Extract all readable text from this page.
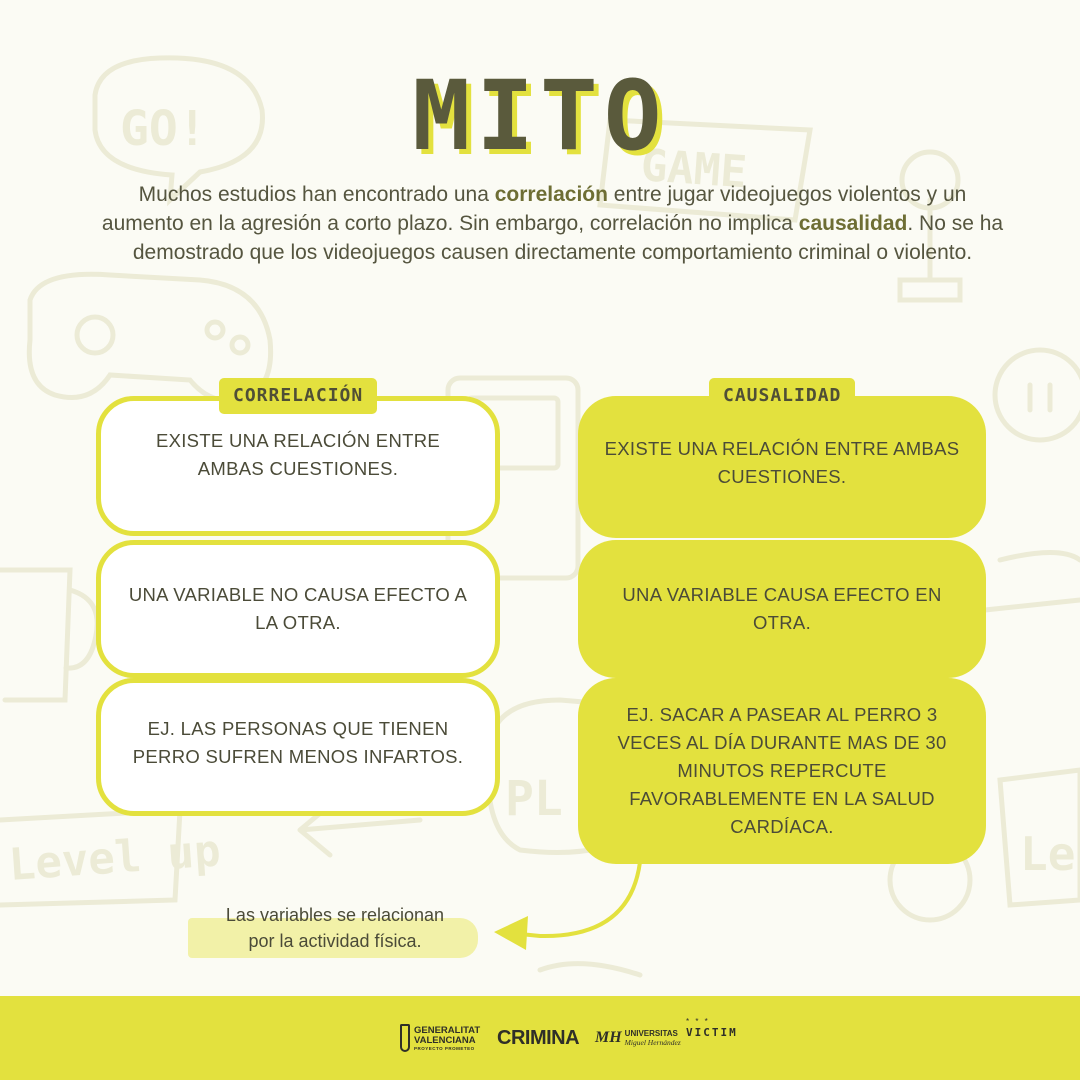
GO!
GAME
Level up
PL
Le
MITO

Muchos estudios han encontrado una correlación entre jugar videojuegos violentos y un aumento en la agresión a corto plazo. Sin embargo, correlación no implica causalidad. No se ha demostrado que los videojuegos causen directamente comportamiento criminal o violento.

CORRELACIÓN	CAUSALIDAD
EXISTE UNA RELACIÓN ENTRE AMBAS CUESTIONES.
UNA VARIABLE NO CAUSA EFECTO A LA OTRA.
EJ. LAS PERSONAS QUE TIENEN PERRO SUFREN MENOS INFARTOS.
EXISTE UNA RELACIÓN ENTRE AMBAS CUESTIONES.
UNA VARIABLE CAUSA EFECTO EN OTRA.
EJ. SACAR A PASEAR AL PERRO 3 VECES AL DÍA DURANTE MAS DE 30 MINUTOS REPERCUTE FAVORABLEMENTE EN LA SALUD CARDÍACA.
Las variables se relacionan
por la actividad física.
GENERALITAT
VALENCIANA
PROYECTO PROMETEO CRIMINA MH UNIVERSITAS
Miguel Hernández
* * *
VICTIM
